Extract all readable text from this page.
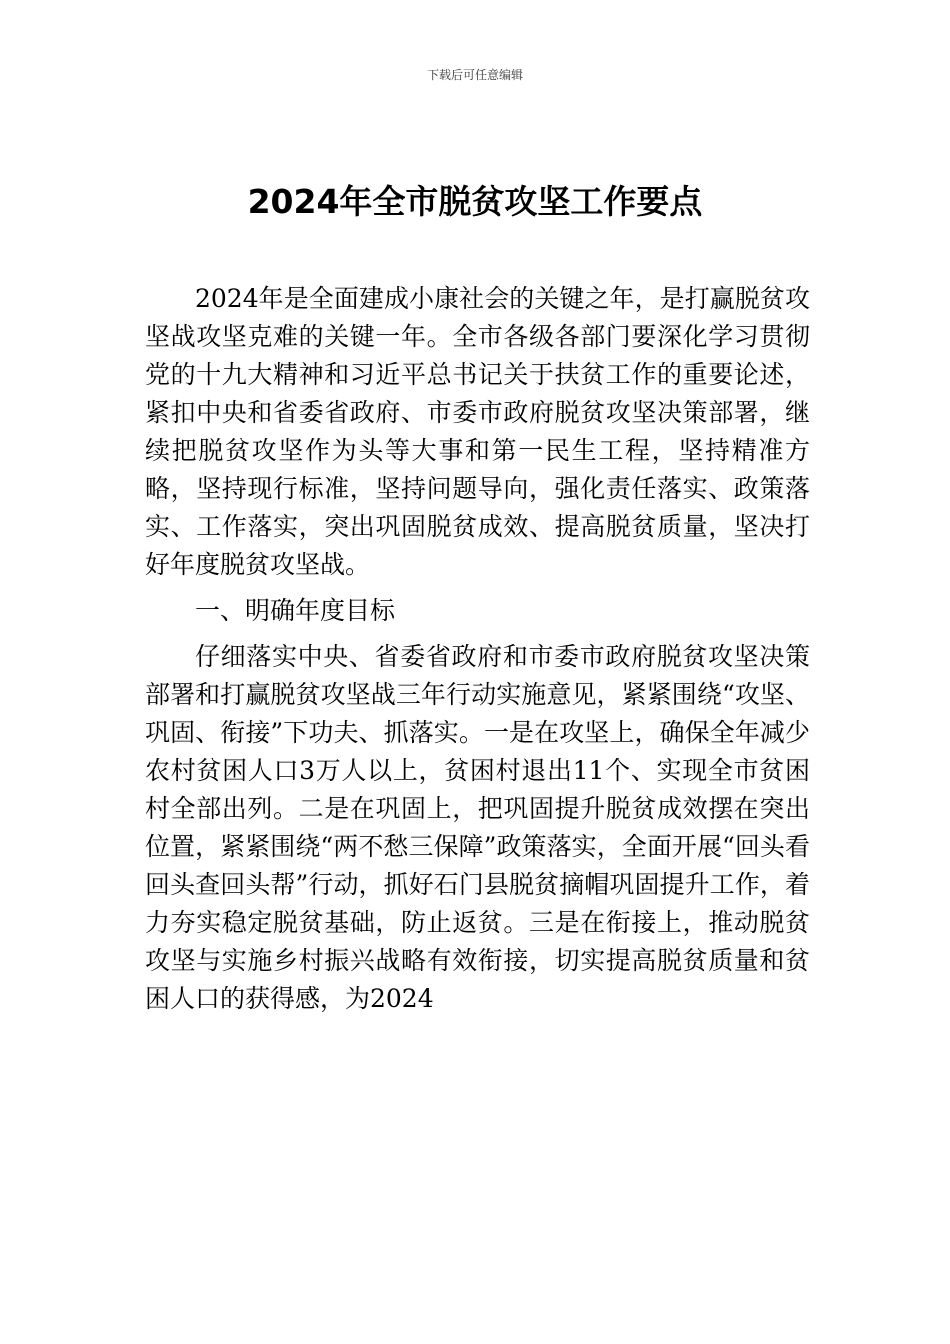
下载后可任意编辑
2024年全市脱贫攻坚工作要点

2024年是全面建成小康社会的关键之年，是打赢脱贫攻坚战攻坚克难的关键一年。全市各级各部门要深化学习贯彻党的十九大精神和习近平总书记关于扶贫工作的重要论述，紧扣中央和省委省政府、市委市政府脱贫攻坚决策部署，继续把脱贫攻坚作为头等大事和第一民生工程，坚持精准方略，坚持现行标准，坚持问题导向，强化责任落实、政策落实、工作落实，突出巩固脱贫成效、提高脱贫质量，坚决打好年度脱贫攻坚战。

一、明确年度目标

仔细落实中央、省委省政府和市委市政府脱贫攻坚决策部署和打赢脱贫攻坚战三年行动实施意见，紧紧围绕“攻坚、巩固、衔接”下功夫、抓落实。一是在攻坚上，确保全年减少农村贫困人口3万人以上，贫困村退出11个、实现全市贫困村全部出列。二是在巩固上，把巩固提升脱贫成效摆在突出位置，紧紧围绕“两不愁三保障”政策落实，全面开展“回头看回头查回头帮”行动，抓好石门县脱贫摘帽巩固提升工作，着力夯实稳定脱贫基础，防止返贫。三是在衔接上，推动脱贫攻坚与实施乡村振兴战略有效衔接，切实提高脱贫质量和贫困人口的获得感，为2024
